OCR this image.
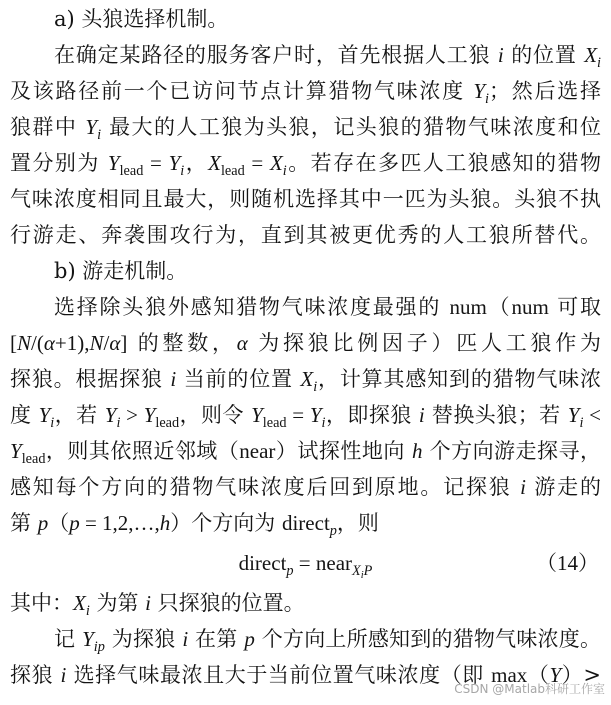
a) 头狼选择机制。
在确定某路径的服务客户时，首先根据人工狼 i 的位置 $X_i$
及该路径前一个已访问节点计算猎物气味浓度 $Y_i$；然后选择
狼群中 $Y_i$ 最大的人工狼为头狼，记头狼的猎物气味浓度和位
置分别为 $Y_{lead} = Y_i$，$X_{lead} = X_i$。若存在多匹人工狼感知的猎物
气味浓度相同且最大，则随机选择其中一匹为头狼。头狼不执
行游走、奔袭围攻行为，直到其被更优秀的人工狼所替代。
b) 游走机制。
选择除头狼外感知猎物气味浓度最强的 num（num 可取
[N/(α+1),N/α] 的整数，α 为探狼比例因子）匹人工狼作为
探狼。根据探狼 i 当前的位置 $X_i$，计算其感知到的猎物气味浓
度 $Y_i$，若 $Y_i > Y_{lead}$，则令 $Y_{lead} = Y_i$，即探狼 i 替换头狼；若 $Y_i$ <
$Y_{lead}$，则其依照近邻域（near）试探性地向 h 个方向游走探寻，
感知每个方向的猎物气味浓度后回到原地。记探狼 i 游走的
第 p（p = 1,2,…,h）个方向为 direct$_p$，则
direct$_p$ = near$_{XiP}$	（14）
其中：$X_i$ 为第 i 只探狼的位置。
记 $Y_{ip}$ 为探狼 i 在第 p 个方向上所感知到的猎物气味浓度。
探狼 i 选择气味最浓且大于当前位置气味浓度（即 max（Y）>
CSDN @Matlab科研工作室
